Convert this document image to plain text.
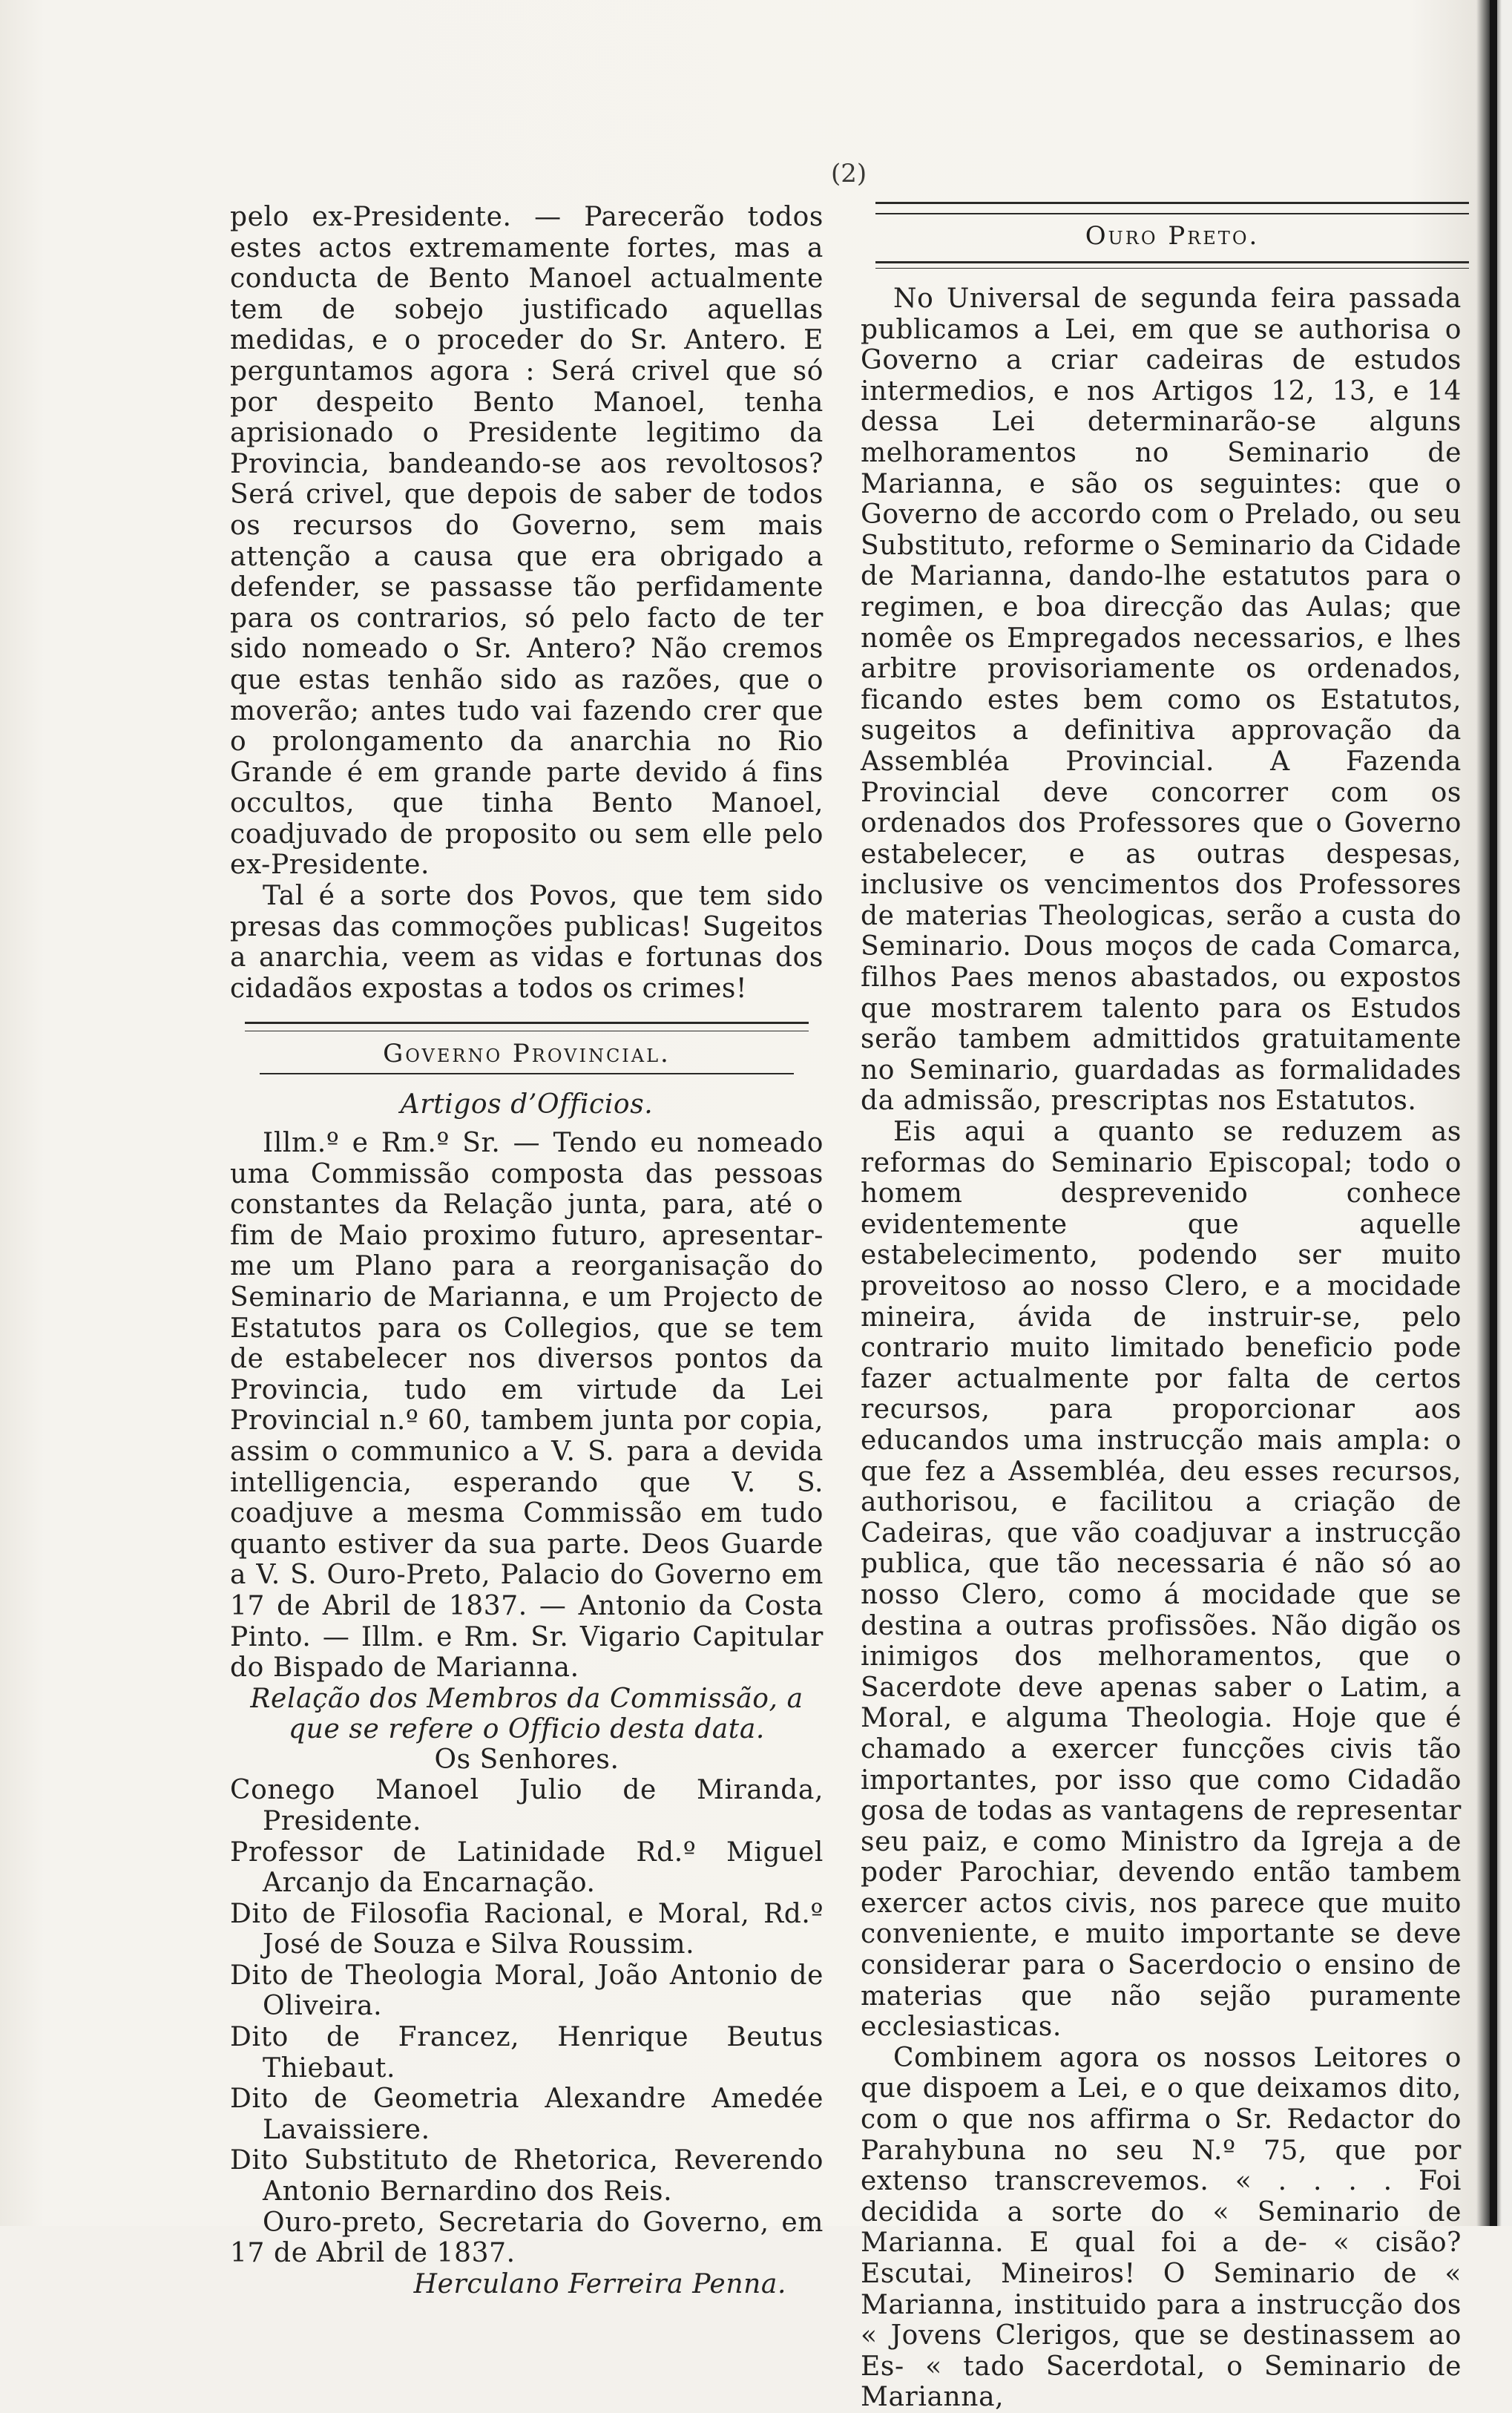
(2)

pelo ex-Presidente. — Parecerão todos estes actos extremamente fortes, mas a conducta de Bento Manoel actualmente tem de sobejo justificado aquellas medidas, e o proceder do Sr. Antero. E perguntamos agora : Será crivel que só por despeito Bento Manoel, tenha aprisionado o Presidente legitimo da Provincia, bandeando-se aos revoltosos? Será crivel, que depois de saber de todos os recursos do Governo, sem mais attenção a causa que era obrigado a defender, se passasse tão perfidamente para os contrarios, só pelo facto de ter sido nomeado o Sr. Antero? Não cremos que estas tenhão sido as razões, que o moverão; antes tudo vai fazendo crer que o prolongamento da anarchia no Rio Grande é em grande parte devido á fins occultos, que tinha Bento Manoel, coadjuvado de proposito ou sem elle pelo ex-Presidente.

Tal é a sorte dos Povos, que tem sido presas das commoções publicas! Sugeitos a anarchia, veem as vidas e fortunas dos cidadãos expostas a todos os crimes!

Governo Provincial.
Artigos d’Officios.

Illm.º e Rm.º Sr. — Tendo eu nomeado uma Commissão composta das pessoas constantes da Relação junta, para, até o fim de Maio proximo futuro, apresentar-me um Plano para a reorganisação do Seminario de Marianna, e um Projecto de Estatutos para os Collegios, que se tem de estabelecer nos diversos pontos da Provincia, tudo em virtude da Lei Provincial n.º 60, tambem junta por copia, assim o communico a V. S. para a devida intelligencia, esperando que V. S. coadjuve a mesma Commissão em tudo quanto estiver da sua parte. Deos Guarde a V. S. Ouro-Preto, Palacio do Governo em 17 de Abril de 1837. — Antonio da Costa Pinto. — Illm. e Rm. Sr. Vigario Capitular do Bispado de Marianna.

Relação dos Membros da Commissão, a que se refere o Officio desta data.
Os Senhores.

Conego Manoel Julio de Miranda, Presidente.

Professor de Latinidade Rd.º Miguel Arcanjo da Encarnação.

Dito de Filosofia Racional, e Moral, Rd.º José de Souza e Silva Roussim.

Dito de Theologia Moral, João Antonio de Oliveira.

Dito de Francez, Henrique Beutus Thiebaut.

Dito de Geometria Alexandre Amedée Lavaissiere.

Dito Substituto de Rhetorica, Reverendo Antonio Bernardino dos Reis.

Ouro-preto, Secretaria do Governo, em 17 de Abril de 1837.

Herculano Ferreira Penna.

Ouro Preto.

No Universal de segunda feira passada publicamos a Lei, em que se authorisa o Governo a criar cadeiras de estudos intermedios, e nos Artigos 12, 13, e 14 dessa Lei determinarão-se alguns melhoramentos no Seminario de Marianna, e são os seguintes: que o Governo de accordo com o Prelado, ou seu Substituto, reforme o Seminario da Cidade de Marianna, dando-lhe estatutos para o regimen, e boa direcção das Aulas; que nomêe os Empregados necessarios, e lhes arbitre provisoriamente os ordenados, ficando estes bem como os Estatutos, sugeitos a definitiva approvação da Assembléa Provincial. A Fazenda Provincial deve concorrer com os ordenados dos Professores que o Governo estabelecer, e as outras despesas, inclusive os vencimentos dos Professores de materias Theologicas, serão a custa do Seminario. Dous moços de cada Comarca, filhos Paes menos abastados, ou expostos que mostrarem talento para os Estudos serão tambem admittidos gratuitamente no Seminario, guardadas as formalidades da admissão, prescriptas nos Estatutos.

Eis aqui a quanto se reduzem as reformas do Seminario Episcopal; todo o homem desprevenido conhece evidentemente que aquelle estabelecimento, podendo ser muito proveitoso ao nosso Clero, e a mocidade mineira, ávida de instruir-se, pelo contrario muito limitado beneficio pode fazer actualmente por falta de certos recursos, para proporcionar aos educandos uma instrucção mais ampla: o que fez a Assembléa, deu esses recursos, authorisou, e facilitou a criação de Cadeiras, que vão coadjuvar a instrucção publica, que tão necessaria é não só ao nosso Clero, como á mocidade que se destina a outras profissões. Não digão os inimigos dos melhoramentos, que o Sacerdote deve apenas saber o Latim, a Moral, e alguma Theologia. Hoje que é chamado a exercer funcções civis tão importantes, por isso que como Cidadão gosa de todas as vantagens de representar seu paiz, e como Ministro da Igreja a de poder Parochiar, devendo então tambem exercer actos civis, nos parece que muito conveniente, e muito importante se deve considerar para o Sacerdocio o ensino de materias que não sejão puramente ecclesiasticas.

Combinem agora os nossos Leitores o que dispoem a Lei, e o que deixamos dito, com o que nos affirma o Sr. Redactor do Parahybuna no seu N.º 75, que por extenso transcrevemos. « . . . . Foi decidida a sorte do « Seminario de Marianna. E qual foi a de- « cisão? Escutai, Mineiros! O Seminario de « Marianna, instituido para a instrucção dos « Jovens Clerigos, que se destinassem ao Es- « tado Sacerdotal, o Seminario de Marianna,
